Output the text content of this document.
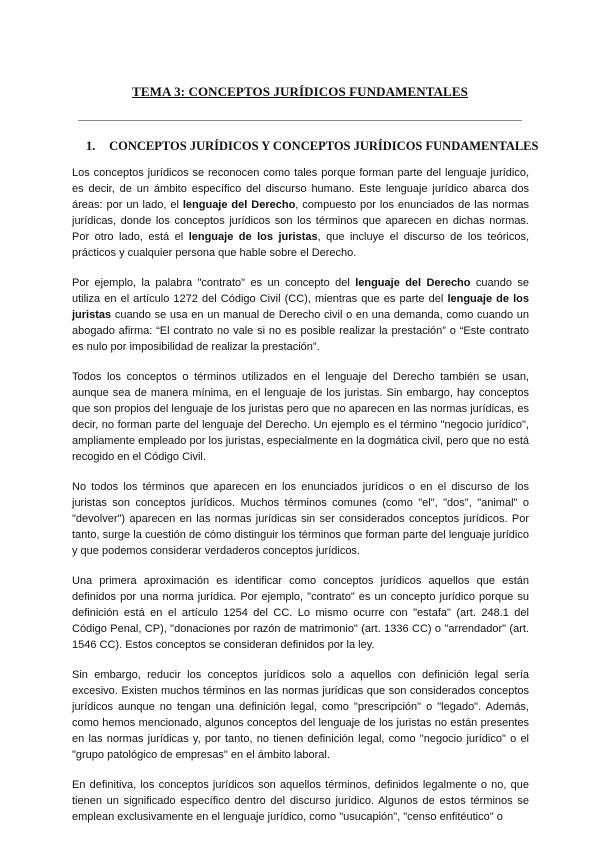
TEMA 3: CONCEPTOS JURÍDICOS FUNDAMENTALES
1. CONCEPTOS JURÍDICOS Y CONCEPTOS JURÍDICOS FUNDAMENTALES

Los conceptos jurídicos se reconocen como tales porque forman parte del lenguaje jurídico, es decir, de un ámbito específico del discurso humano. Este lenguaje jurídico abarca dos áreas: por un lado, el lenguaje del Derecho, compuesto por los enunciados de las normas jurídicas, donde los conceptos jurídicos son los términos que aparecen en dichas normas. Por otro lado, está el lenguaje de los juristas, que incluye el discurso de los teóricos, prácticos y cualquier persona que hable sobre el Derecho.

Por ejemplo, la palabra "contrato" es un concepto del lenguaje del Derecho cuando se utiliza en el artículo 1272 del Código Civil (CC), mientras que es parte del lenguaje de los juristas cuando se usa en un manual de Derecho civil o en una demanda, como cuando un abogado afirma: “El contrato no vale si no es posible realizar la prestación” o “Este contrato es nulo por imposibilidad de realizar la prestación”.

Todos los conceptos o términos utilizados en el lenguaje del Derecho también se usan, aunque sea de manera mínima, en el lenguaje de los juristas. Sin embargo, hay conceptos que son propios del lenguaje de los juristas pero que no aparecen en las normas jurídicas, es decir, no forman parte del lenguaje del Derecho. Un ejemplo es el término "negocio jurídico", ampliamente empleado por los juristas, especialmente en la dogmática civil, pero que no está recogido en el Código Civil.

No todos los términos que aparecen en los enunciados jurídicos o en el discurso de los juristas son conceptos jurídicos. Muchos términos comunes (como "el", "dos", "animal" o "devolver") aparecen en las normas jurídicas sin ser considerados conceptos jurídicos. Por tanto, surge la cuestión de cómo distinguir los términos que forman parte del lenguaje jurídico y que podemos considerar verdaderos conceptos jurídicos.

Una primera aproximación es identificar como conceptos jurídicos aquellos que están definidos por una norma jurídica. Por ejemplo, "contrato" es un concepto jurídico porque su definición está en el artículo 1254 del CC. Lo mismo ocurre con "estafa" (art. 248.1 del Código Penal, CP), "donaciones por razón de matrimonio" (art. 1336 CC) o "arrendador" (art. 1546 CC). Estos conceptos se consideran definidos por la ley.

Sin embargo, reducir los conceptos jurídicos solo a aquellos con definición legal sería excesivo. Existen muchos términos en las normas jurídicas que son considerados conceptos jurídicos aunque no tengan una definición legal, como "prescripción" o "legado". Además, como hemos mencionado, algunos conceptos del lenguaje de los juristas no están presentes en las normas jurídicas y, por tanto, no tienen definición legal, como "negocio jurídico" o el "grupo patológico de empresas" en el ámbito laboral.

En definitiva, los conceptos jurídicos son aquellos términos, definidos legalmente o no, que tienen un significado específico dentro del discurso jurídico. Algunos de estos términos se emplean exclusivamente en el lenguaje jurídico, como "usucapión", "censo enfitéutico" o
